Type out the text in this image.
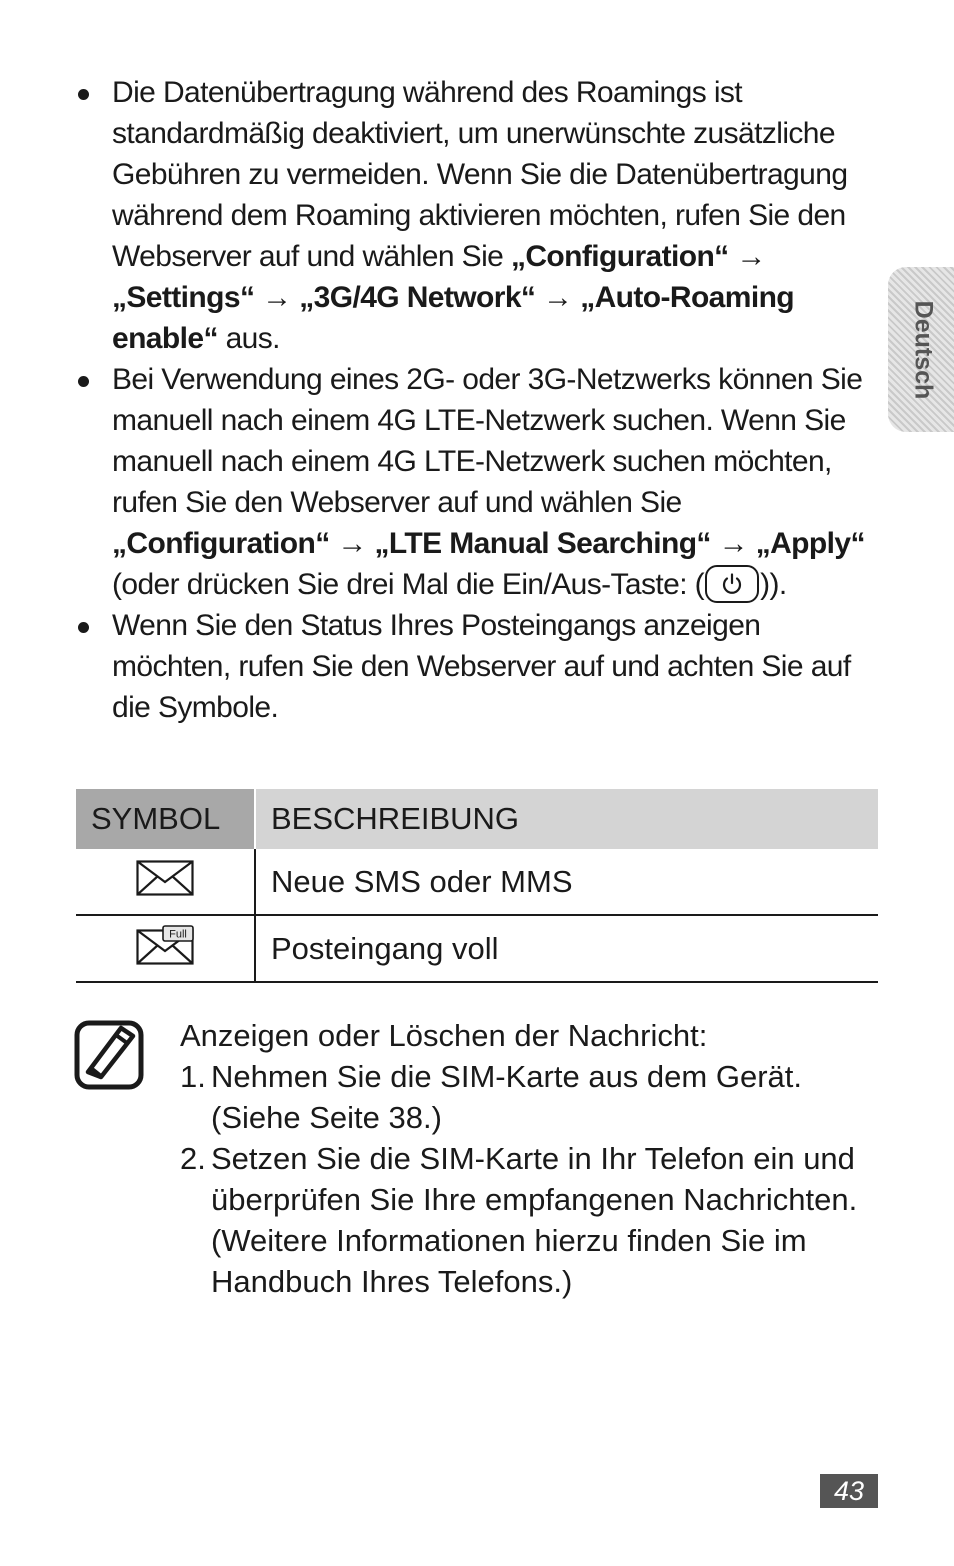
Die Datenübertragung während des Roamings ist standardmäßig deaktiviert, um unerwünschte zusätzliche Gebühren zu vermeiden. Wenn Sie die Datenübertragung während dem Roaming aktivieren möchten, rufen Sie den Webserver auf und wählen Sie „Configuration“ → „Settings“ → „3G/4G Network“ → „Auto-Roaming enable“ aus.
Bei Verwendung eines 2G- oder 3G-Netzwerks können Sie manuell nach einem 4G LTE-Netzwerk suchen. Wenn Sie manuell nach einem 4G LTE-Netzwerk suchen möchten, rufen Sie den Webserver auf und wählen Sie „Configuration“ → „LTE Manual Searching“ → „Apply“ (oder drücken Sie drei Mal die Ein/Aus-Taste: ( )).
Wenn Sie den Status Ihres Posteingangs anzeigen möchten, rufen Sie den Webserver auf und achten Sie auf die Symbole.
SYMBOL	BESCHREIBUNG
	Neue SMS oder MMS

Full	Posteingang voll
Anzeigen oder Löschen der Nachricht:
1. Nehmen Sie die SIM-Karte aus dem Gerät. (Siehe Seite 38.)
2. Setzen Sie die SIM-Karte in Ihr Telefon ein und überprüfen Sie Ihre empfangenen Nachrichten. (Weitere Informationen hierzu finden Sie im Handbuch Ihres Telefons.)
Deutsch
43
